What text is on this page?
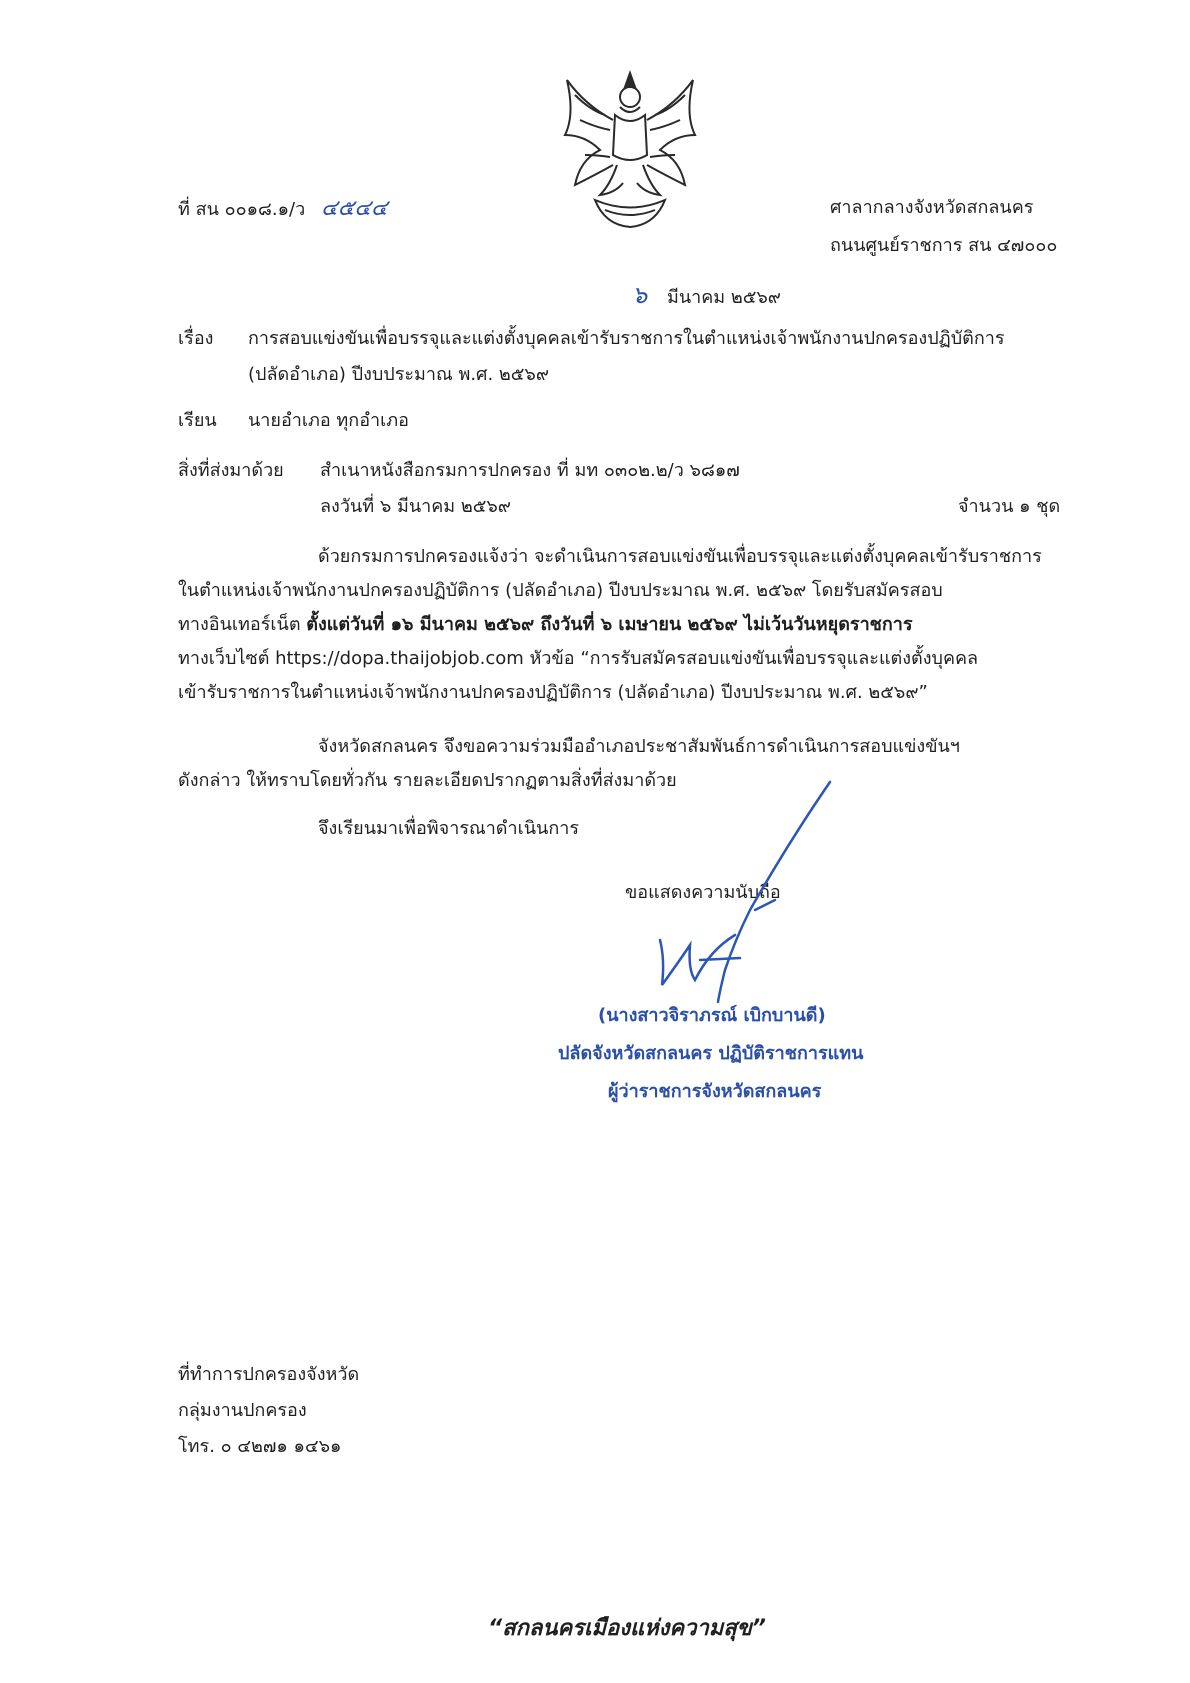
ที่ สน ๐๐๑๘.๑/ว ๔๕๔๔	ศาลากลางจังหวัดสกลนคร
ถนนศูนย์ราชการ สน ๔๗๐๐๐
๖ มีนาคม ๒๕๖๙
เรื่อง การสอบแข่งขันเพื่อบรรจุและแต่งตั้งบุคคลเข้ารับราชการในตำแหน่งเจ้าพนักงานปกครองปฏิบัติการ
(ปลัดอำเภอ) ปีงบประมาณ พ.ศ. ๒๕๖๙
เรียน นายอำเภอ ทุกอำเภอ
สิ่งที่ส่งมาด้วย สำเนาหนังสือกรมการปกครอง ที่ มท ๐๓๐๒.๒/ว ๖๘๑๗
ลงวันที่ ๖ มีนาคม ๒๕๖๙	จำนวน ๑ ชุด
ด้วยกรมการปกครองแจ้งว่า จะดำเนินการสอบแข่งขันเพื่อบรรจุและแต่งตั้งบุคคลเข้ารับราชการ
ในตำแหน่งเจ้าพนักงานปกครองปฏิบัติการ (ปลัดอำเภอ) ปีงบประมาณ พ.ศ. ๒๕๖๙ โดยรับสมัครสอบ
ทางอินเทอร์เน็ต ตั้งแต่วันที่ ๑๖ มีนาคม ๒๕๖๙ ถึงวันที่ ๖ เมษายน ๒๕๖๙ ไม่เว้นวันหยุดราชการ
ทางเว็บไซต์ https://dopa.thaijobjob.com หัวข้อ “การรับสมัครสอบแข่งขันเพื่อบรรจุและแต่งตั้งบุคคล
เข้ารับราชการในตำแหน่งเจ้าพนักงานปกครองปฏิบัติการ (ปลัดอำเภอ) ปีงบประมาณ พ.ศ. ๒๕๖๙”
จังหวัดสกลนคร จึงขอความร่วมมืออำเภอประชาสัมพันธ์การดำเนินการสอบแข่งขันฯ
ดังกล่าว ให้ทราบโดยทั่วกัน รายละเอียดปรากฏตามสิ่งที่ส่งมาด้วย
จึงเรียนมาเพื่อพิจารณาดำเนินการ
ขอแสดงความนับถือ
(นางสาวจิราภรณ์ เบิกบานดี)
ปลัดจังหวัดสกลนคร ปฏิบัติราชการแทน
ผู้ว่าราชการจังหวัดสกลนคร
ที่ทำการปกครองจังหวัด
กลุ่มงานปกครอง
โทร. ๐ ๔๒๗๑ ๑๔๖๑
“สกลนครเมืองแห่งความสุข”
